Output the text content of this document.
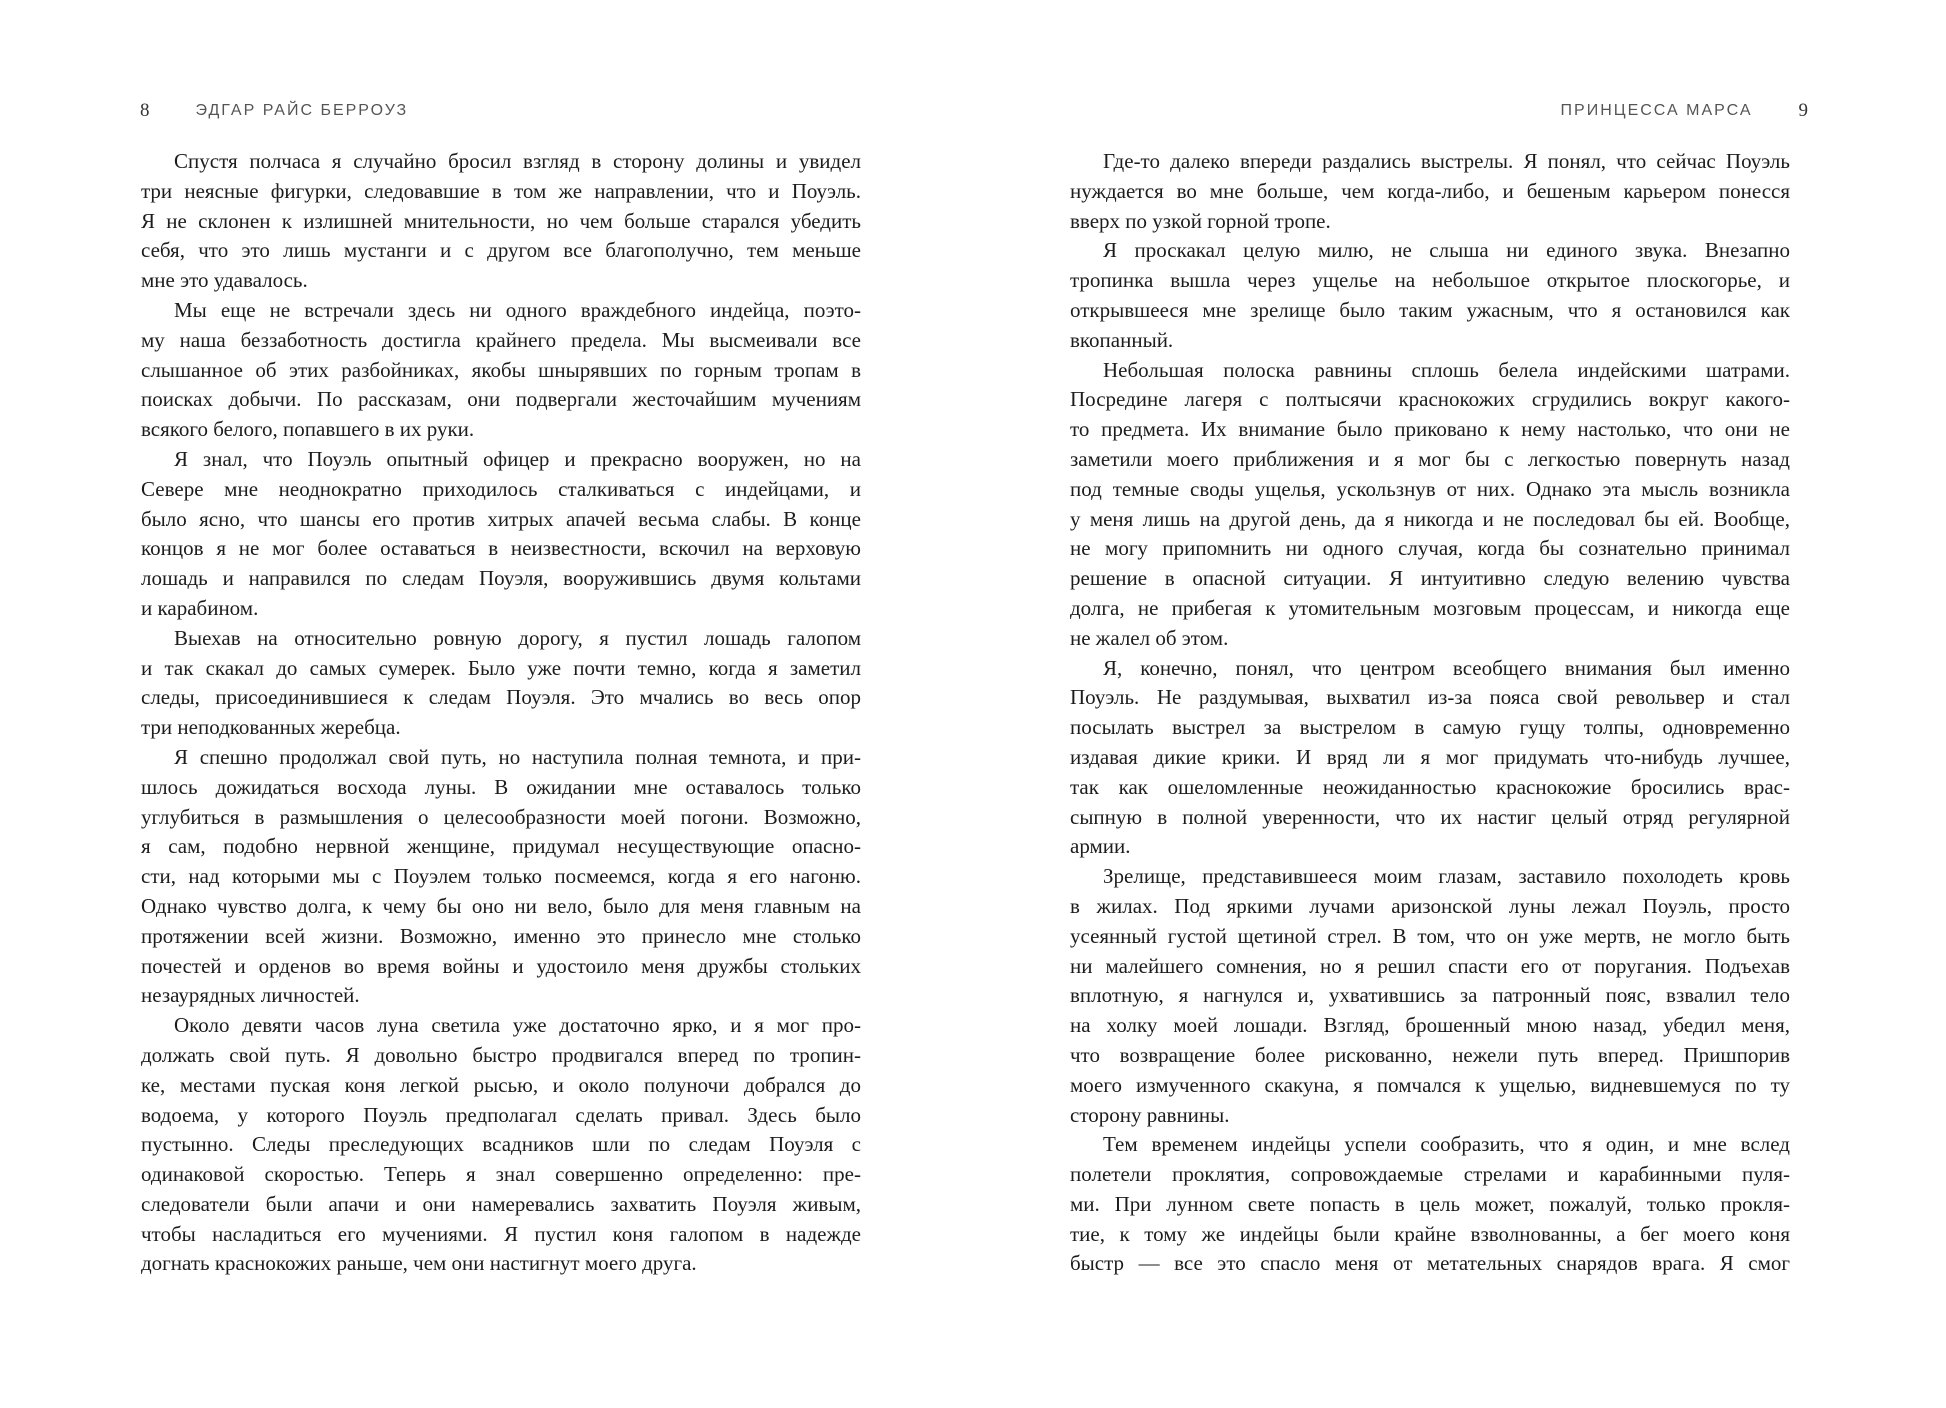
8	ЭДГАР РАЙС БЕРРОУЗ
Спустя полчаса я случайно бросил взгляд в сторону долины и увидел
три неясные фигурки, следовавшие в том же направлении, что и Поуэль.
Я не склонен к излишней мнительности, но чем больше старался убедить
себя, что это лишь мустанги и с другом все благополучно, тем меньше
мне это удавалось.
Мы еще не встречали здесь ни одного враждебного индейца, поэто-
му наша беззаботность достигла крайнего предела. Мы высмеивали все
слышанное об этих разбойниках, якобы шнырявших по горным тропам в
поисках добычи. По рассказам, они подвергали жесточайшим мучениям
всякого белого, попавшего в их руки.
Я знал, что Поуэль опытный офицер и прекрасно вооружен, но на
Севере мне неоднократно приходилось сталкиваться с индейцами, и
было ясно, что шансы его против хитрых апачей весьма слабы. В конце
концов я не мог более оставаться в неизвестности, вскочил на верховую
лошадь и направился по следам Поуэля, вооружившись двумя кольтами
и карабином.
Выехав на относительно ровную дорогу, я пустил лошадь галопом
и так скакал до самых сумерек. Было уже почти темно, когда я заметил
следы, присоединившиеся к следам Поуэля. Это мчались во весь опор
три неподкованных жеребца.
Я спешно продолжал свой путь, но наступила полная темнота, и при-
шлось дожидаться восхода луны. В ожидании мне оставалось только
углубиться в размышления о целесообразности моей погони. Возможно,
я сам, подобно нервной женщине, придумал несуществующие опасно-
сти, над которыми мы с Поуэлем только посмеемся, когда я его нагоню.
Однако чувство долга, к чему бы оно ни вело, было для меня главным на
протяжении всей жизни. Возможно, именно это принесло мне столько
почестей и орденов во время войны и удостоило меня дружбы стольких
незаурядных личностей.
Около девяти часов луна светила уже достаточно ярко, и я мог про-
должать свой путь. Я довольно быстро продвигался вперед по тропин-
ке, местами пуская коня легкой рысью, и около полуночи добрался до
водоема, у которого Поуэль предполагал сделать привал. Здесь было
пустынно. Следы преследующих всадников шли по следам Поуэля с
одинаковой скоростью. Теперь я знал совершенно определенно: пре-
следователи были апачи и они намеревались захватить Поуэля живым,
чтобы насладиться его мучениями. Я пустил коня галопом в надежде
догнать краснокожих раньше, чем они настигнут моего друга.
ПРИНЦЕССА МАРСА 9
Где-то далеко впереди раздались выстрелы. Я понял, что сейчас Поуэль
нуждается во мне больше, чем когда-либо, и бешеным карьером понесся
вверх по узкой горной тропе.
Я проскакал целую милю, не слыша ни единого звука. Внезапно
тропинка вышла через ущелье на небольшое открытое плоскогорье, и
открывшееся мне зрелище было таким ужасным, что я остановился как
вкопанный.
Небольшая полоска равнины сплошь белела индейскими шатрами.
Посредине лагеря с полтысячи краснокожих сгрудились вокруг какого-
то предмета. Их внимание было приковано к нему настолько, что они не
заметили моего приближения и я мог бы с легкостью повернуть назад
под темные своды ущелья, ускользнув от них. Однако эта мысль возникла
у меня лишь на другой день, да я никогда и не последовал бы ей. Вообще,
не могу припомнить ни одного случая, когда бы сознательно принимал
решение в опасной ситуации. Я интуитивно следую велению чувства
долга, не прибегая к утомительным мозговым процессам, и никогда еще
не жалел об этом.
Я, конечно, понял, что центром всеобщего внимания был именно
Поуэль. Не раздумывая, выхватил из-за пояса свой револьвер и стал
посылать выстрел за выстрелом в самую гущу толпы, одновременно
издавая дикие крики. И вряд ли я мог придумать что-нибудь лучшее,
так как ошеломленные неожиданностью краснокожие бросились врас-
сыпную в полной уверенности, что их настиг целый отряд регулярной
армии.
Зрелище, представившееся моим глазам, заставило похолодеть кровь
в жилах. Под яркими лучами аризонской луны лежал Поуэль, просто
усеянный густой щетиной стрел. В том, что он уже мертв, не могло быть
ни малейшего сомнения, но я решил спасти его от поругания. Подъехав
вплотную, я нагнулся и, ухватившись за патронный пояс, взвалил тело
на холку моей лошади. Взгляд, брошенный мною назад, убедил меня,
что возвращение более рискованно, нежели путь вперед. Пришпорив
моего измученного скакуна, я помчался к ущелью, видневшемуся по ту
сторону равнины.
Тем временем индейцы успели сообразить, что я один, и мне вслед
полетели проклятия, сопровождаемые стрелами и карабинными пуля-
ми. При лунном свете попасть в цель может, пожалуй, только прокля-
тие, к тому же индейцы были крайне взволнованны, а бег моего коня
быстр — все это спасло меня от метательных снарядов врага. Я смог
